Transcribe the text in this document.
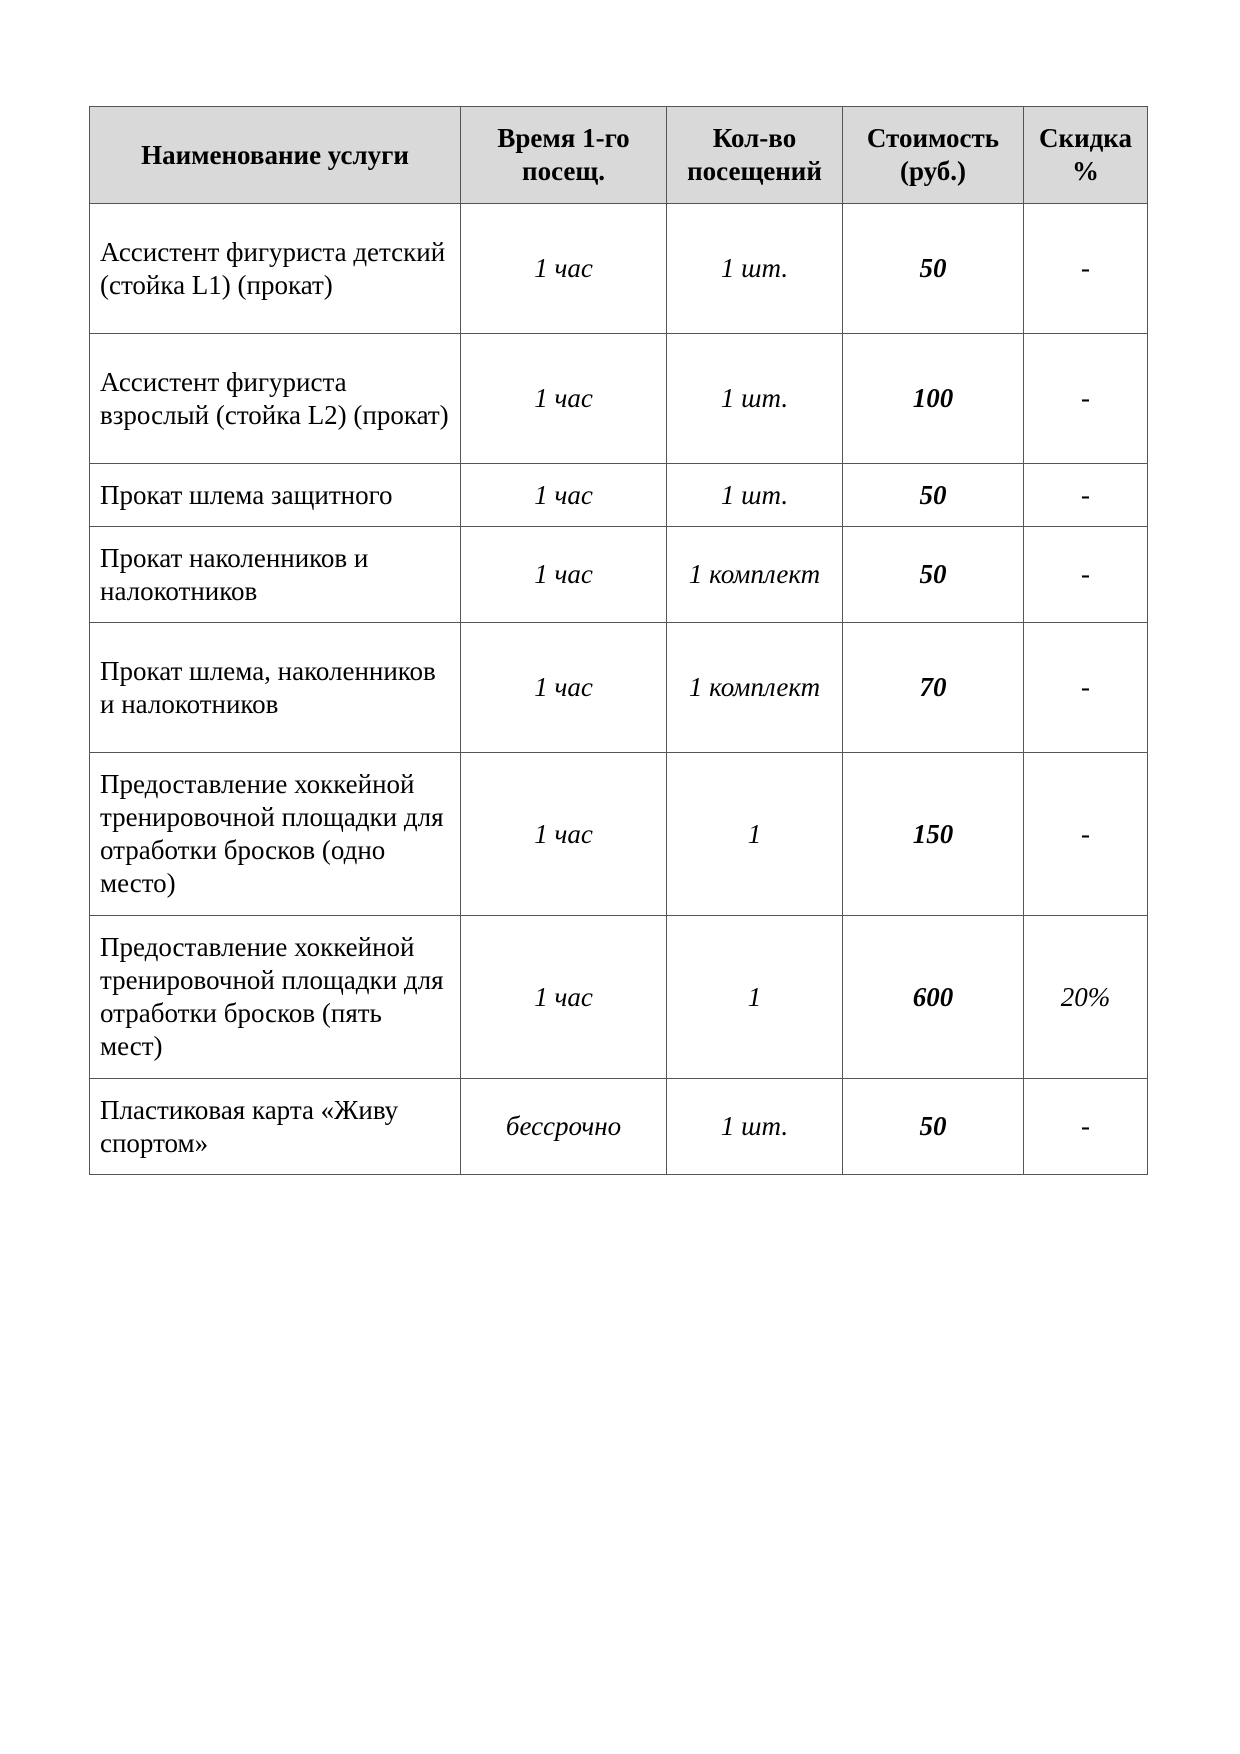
Наименование услуги	Время 1-го посещ.	Кол-во посещений	Стоимость (руб.)	Скидка %
Ассистент фигуриста детский (стойка L1) (прокат)	1 час	1 шт.	50	-
Ассистент фигуриста взрослый (стойка L2) (прокат)	1 час	1 шт.	100	-
Прокат шлема защитного	1 час	1 шт.	50	-
Прокат наколенников и налокотников	1 час	1 комплект	50	-
Прокат шлема, наколенников и налокотников	1 час	1 комплект	70	-
Предоставление хоккейной тренировочной площадки для отработки бросков (одно место)	1 час	1	150	-
Предоставление хоккейной тренировочной площадки для отработки бросков (пять мест)	1 час	1	600	20%
Пластиковая карта «Живу спортом»	бессрочно	1 шт.	50	-
